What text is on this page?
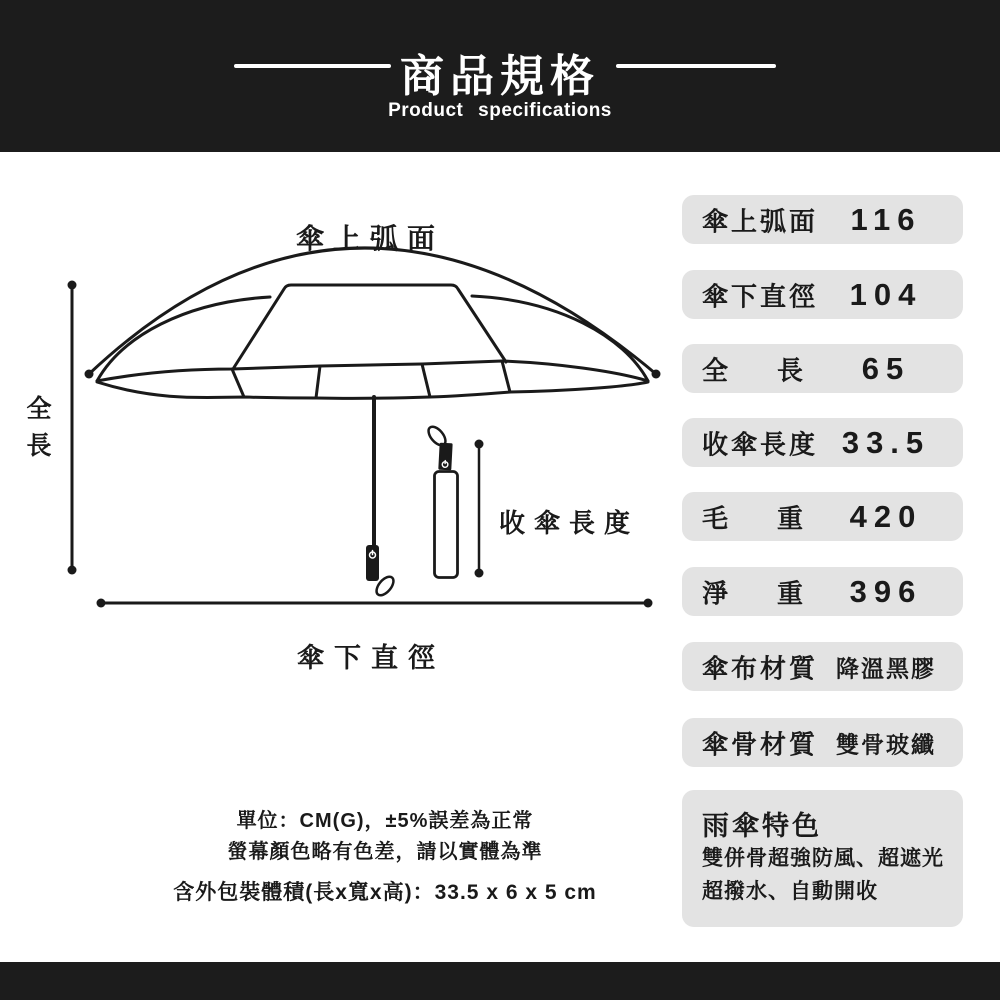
商品規格
Product specifications
傘上弧面
全長
收傘長度
傘下直徑
傘上弧面	116
傘下直徑	104
全長 65
收傘長度 33.5
毛重
420
淨重
396
傘布材質 降溫黑膠
傘骨材質 雙骨玻纖
雨傘特色
雙併骨超強防風、超遮光
超撥水、自動開收
單位：CM(G)，±5%誤差為正常
螢幕顏色略有色差，請以實體為準
含外包裝體積(長x寬x高)：33.5 x 6 x 5 cm
